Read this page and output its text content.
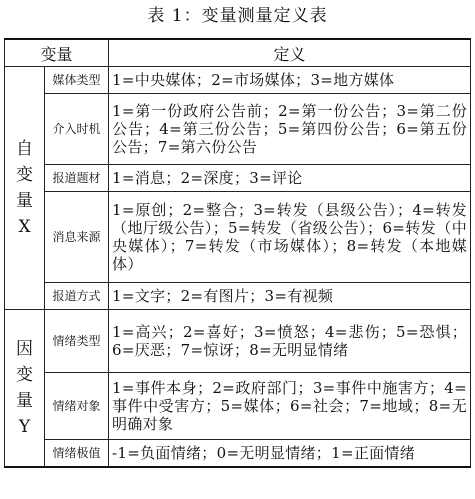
表 1：变量测量定义表
变量		定义

自
变
量
X	媒体类型	1=中央媒体；2=市场媒体；3=地方媒体
	介入时机	1=第一份政府公告前；2=第一份公告；3=第二份公告；4=第三份公告；5=第四份公告；6=第五份公告；7=第六份公告
	报道题材	1=消息；2=深度；3=评论
	消息来源	1=原创；2=整合；3=转发（县级公告）；4=转发（地厅级公告）；5=转发（省级公告）；6=转发（中央媒体）；7=转发（市场媒体）；8=转发（本地媒体）
	报道方式	1=文字；2=有图片；3=有视频

因
变
量
Y	情绪类型	1=高兴；2=喜好；3=愤怒；4=悲伤；5=恐惧；6=厌恶；7=惊讶；8=无明显情绪
	情绪对象	1=事件本身；2=政府部门；3=事件中施害方；4=事件中受害方；5=媒体；6=社会；7=地域；8=无明确对象
	情绪极值	-1=负面情绪；0=无明显情绪；1=正面情绪
